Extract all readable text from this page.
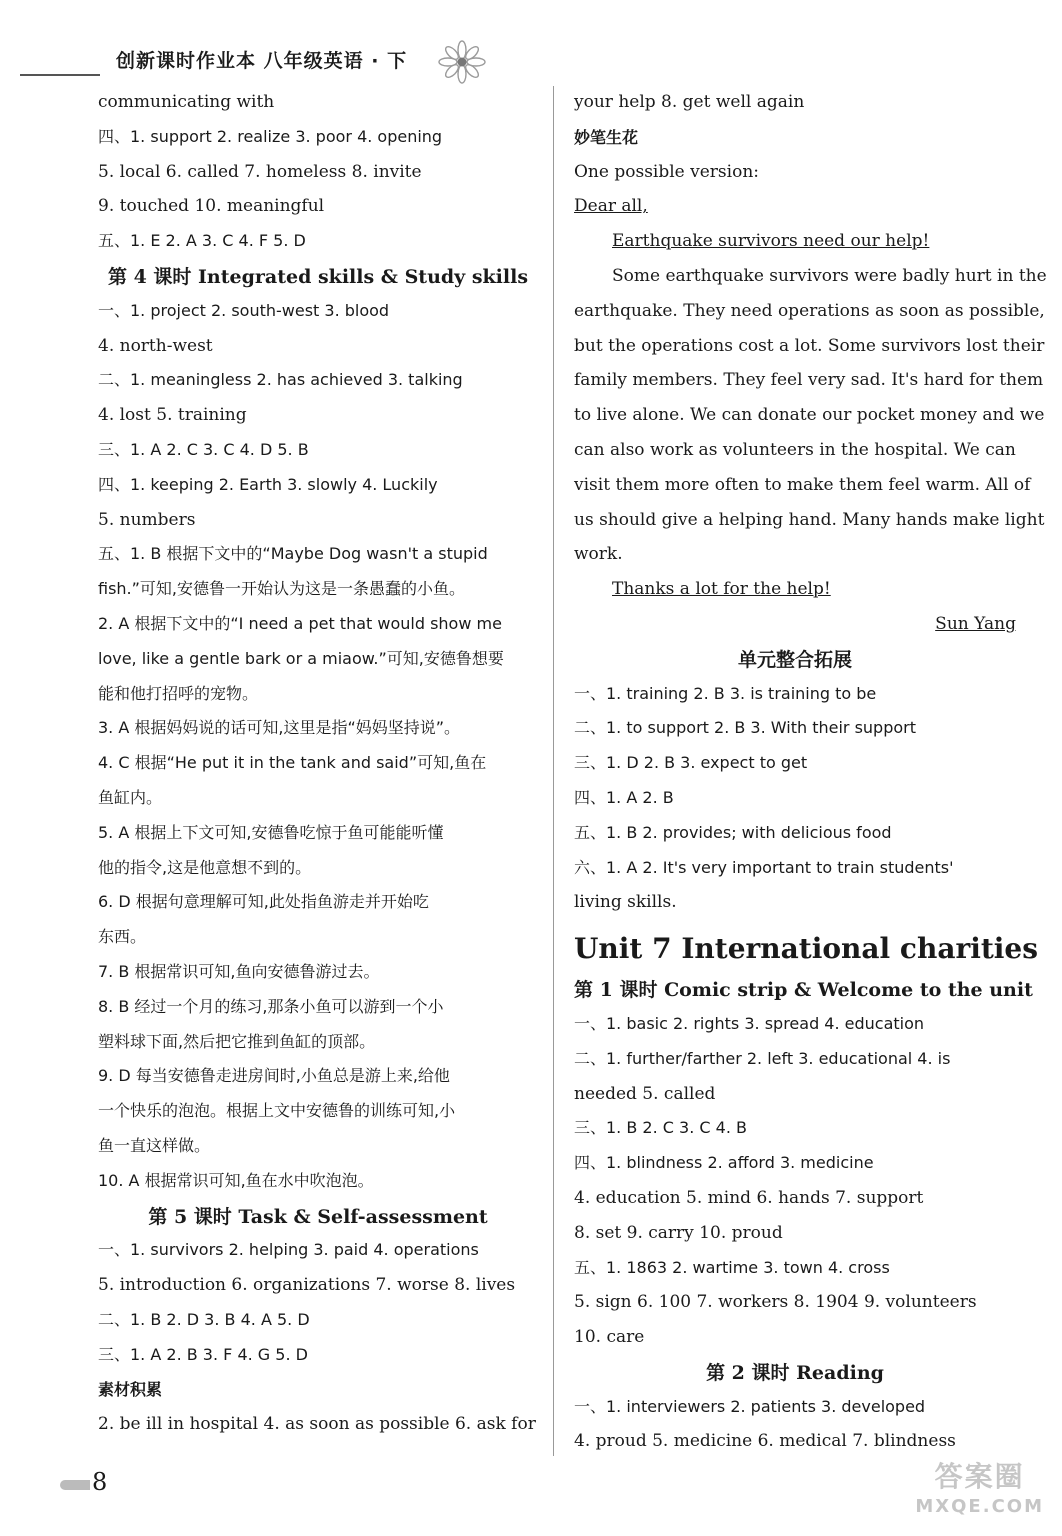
创新课时作业本 八年级英语 · 下
communicating with
四、1. support 2. realize 3. poor 4. opening
5. local 6. called 7. homeless 8. invite
9. touched 10. meaningful
五、1. E 2. A 3. C 4. F 5. D
第 4 课时 Integrated skills & Study skills
一、1. project 2. south-west 3. blood
4. north-west
二、1. meaningless 2. has achieved 3. talking
4. lost 5. training
三、1. A 2. C 3. C 4. D 5. B
四、1. keeping 2. Earth 3. slowly 4. Luckily
5. numbers
五、1. B 根据下文中的“Maybe Dog wasn't a stupid
fish.”可知,安德鲁一开始认为这是一条愚蠢的小鱼。
2. A 根据下文中的“I need a pet that would show me
love, like a gentle bark or a miaow.”可知,安德鲁想要
能和他打招呼的宠物。
3. A 根据妈妈说的话可知,这里是指“妈妈坚持说”。
4. C 根据“He put it in the tank and said”可知,鱼在
鱼缸内。
5. A 根据上下文可知,安德鲁吃惊于鱼可能能听懂
他的指令,这是他意想不到的。
6. D 根据句意理解可知,此处指鱼游走并开始吃
东西。
7. B 根据常识可知,鱼向安德鲁游过去。
8. B 经过一个月的练习,那条小鱼可以游到一个小
塑料球下面,然后把它推到鱼缸的顶部。
9. D 每当安德鲁走进房间时,小鱼总是游上来,给他
一个快乐的泡泡。根据上文中安德鲁的训练可知,小
鱼一直这样做。
10. A 根据常识可知,鱼在水中吹泡泡。
第 5 课时 Task & Self-assessment
一、1. survivors 2. helping 3. paid 4. operations
5. introduction 6. organizations 7. worse 8. lives
二、1. B 2. D 3. B 4. A 5. D
三、1. A 2. B 3. F 4. G 5. D
素材积累
2. be ill in hospital 4. as soon as possible 6. ask for
your help 8. get well again
妙笔生花
One possible version:
Dear all,
Earthquake survivors need our help!
Some earthquake survivors were badly hurt in the
earthquake. They need operations as soon as possible,
but the operations cost a lot. Some survivors lost their
family members. They feel very sad. It's hard for them
to live alone. We can donate our pocket money and we
can also work as volunteers in the hospital. We can
visit them more often to make them feel warm. All of
us should give a helping hand. Many hands make light
work.
Thanks a lot for the help!
Sun Yang
单元整合拓展
一、1. training 2. B 3. is training to be
二、1. to support 2. B 3. With their support
三、1. D 2. B 3. expect to get
四、1. A 2. B
五、1. B 2. provides; with delicious food
六、1. A 2. It's very important to train students'
living skills.
Unit 7 International charities
第 1 课时 Comic strip & Welcome to the unit
一、1. basic 2. rights 3. spread 4. education
二、1. further/farther 2. left 3. educational 4. is
needed 5. called
三、1. B 2. C 3. C 4. B
四、1. blindness 2. afford 3. medicine
4. education 5. mind 6. hands 7. support
8. set 9. carry 10. proud
五、1. 1863 2. wartime 3. town 4. cross
5. sign 6. 100 7. workers 8. 1904 9. volunteers
10. care
第 2 课时 Reading
一、1. interviewers 2. patients 3. developed
4. proud 5. medicine 6. medical 7. blindness
8	答案圈
MXQE.COM
